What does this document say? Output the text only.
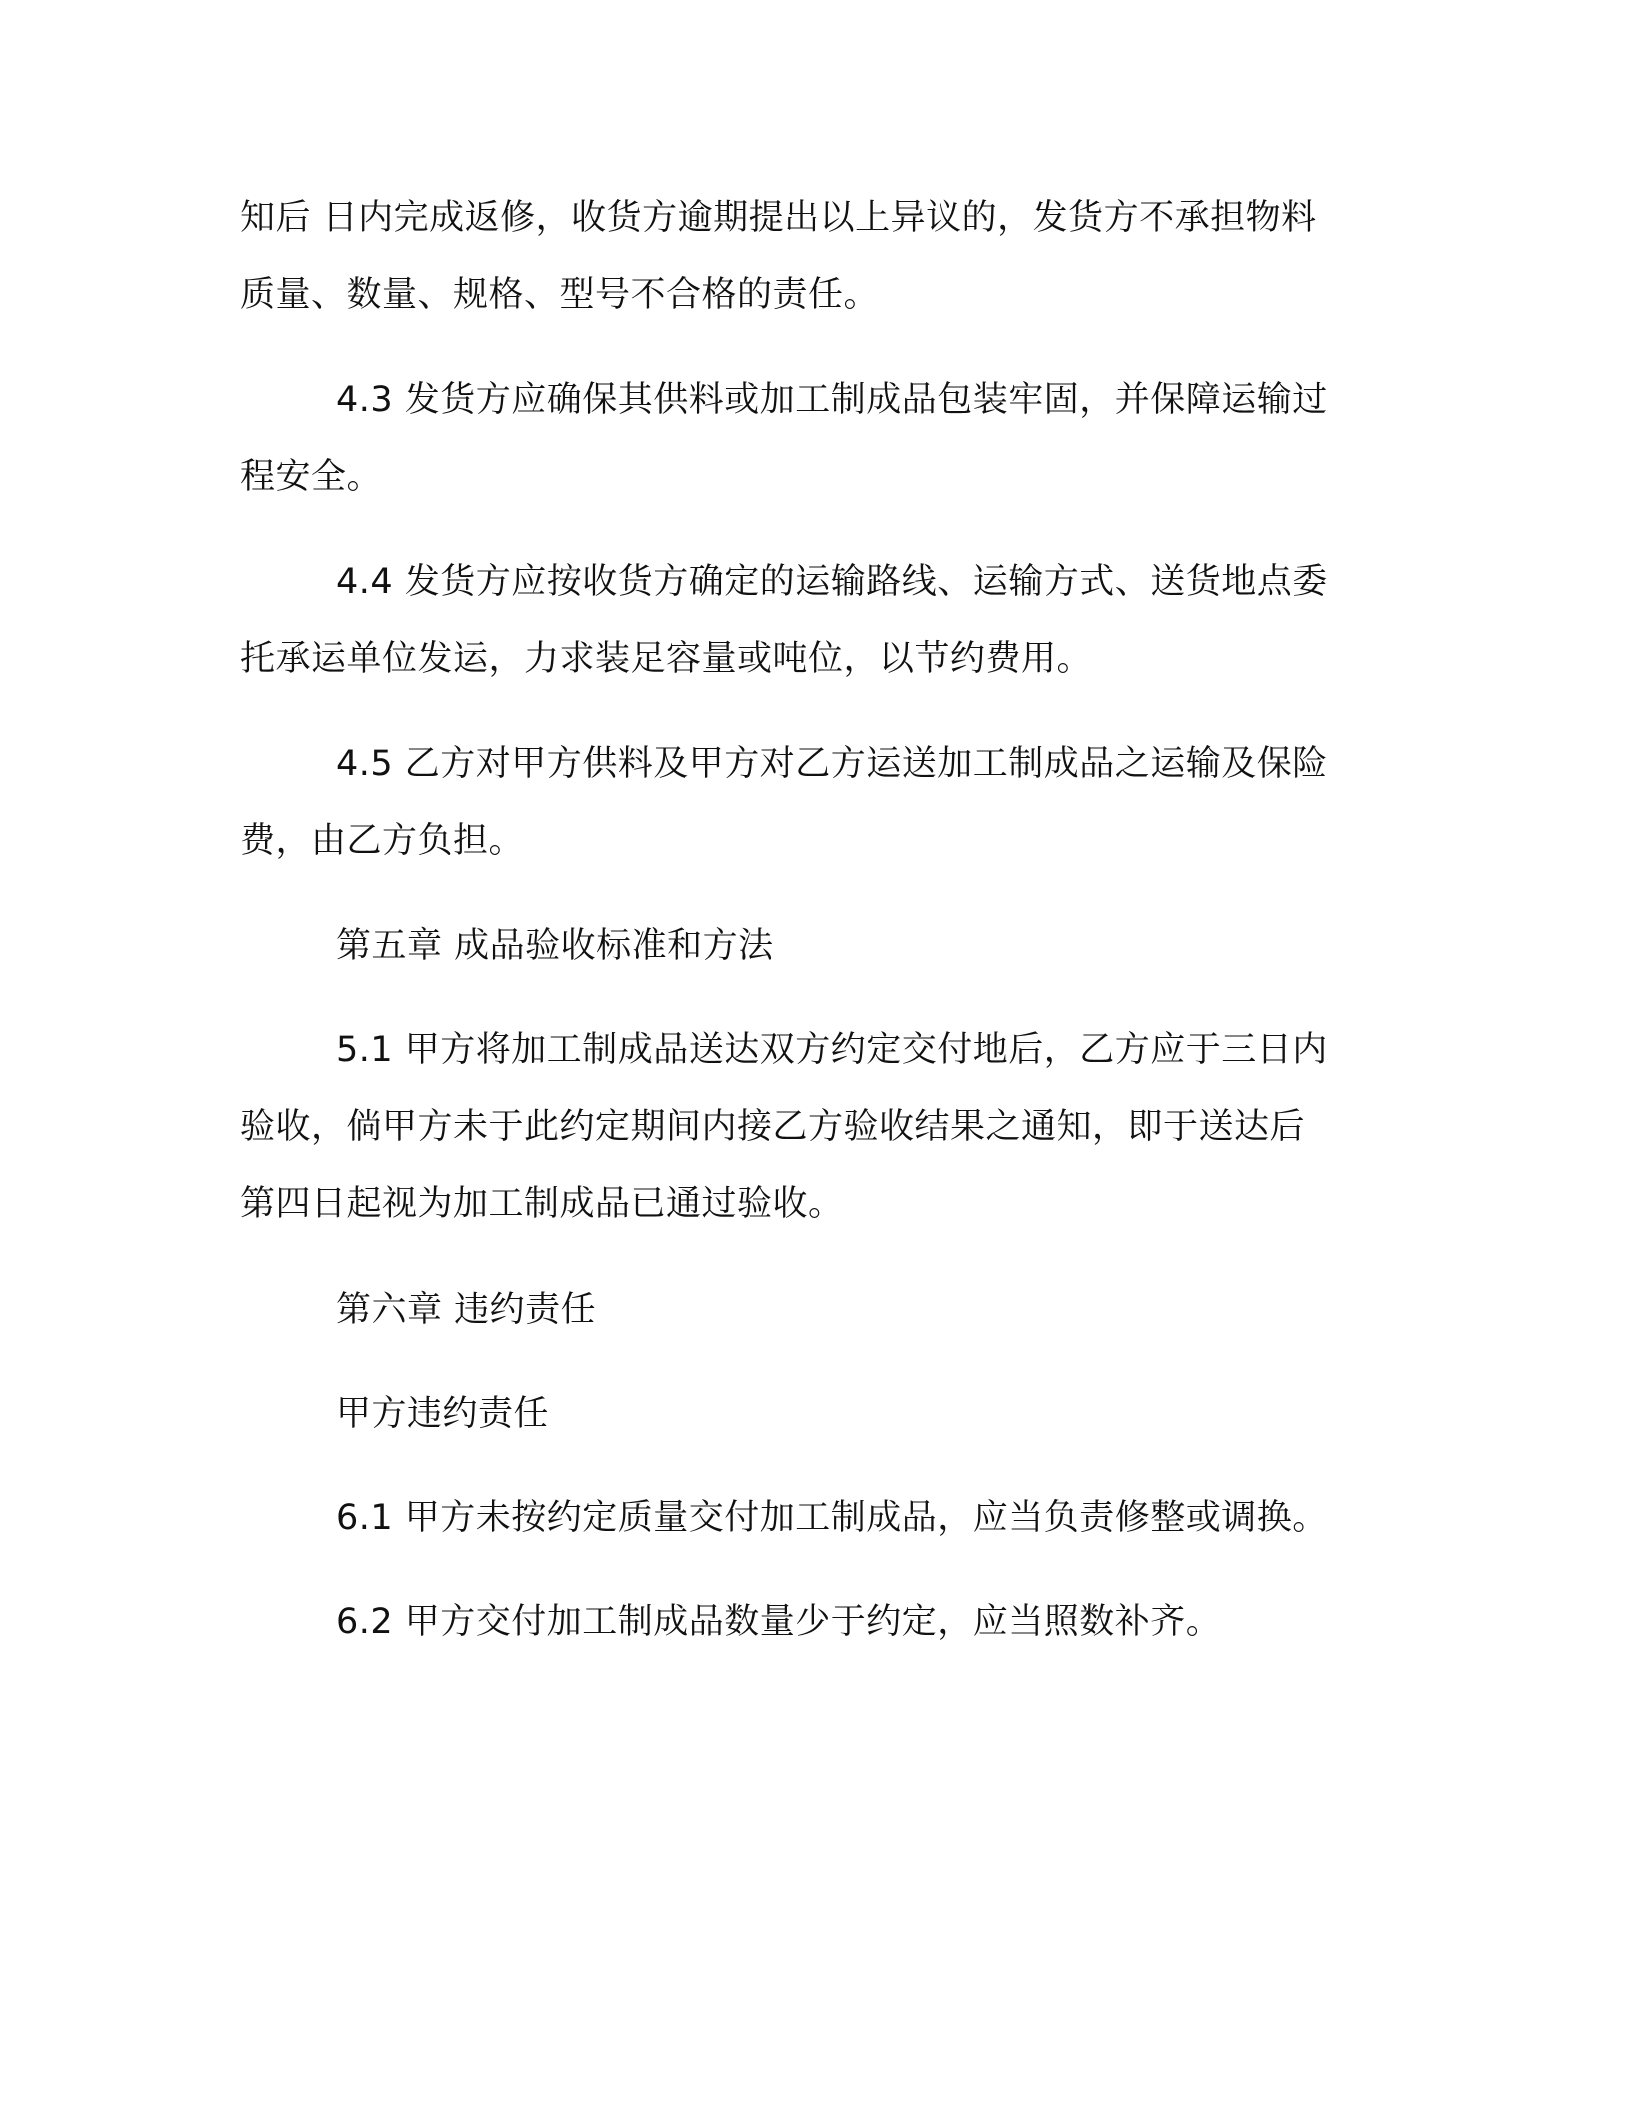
知后 日内完成返修，收货方逾期提出以上异议的，发货方不承担物料
质量、数量、规格、型号不合格的责任。

4.3 发货方应确保其供料或加工制成品包装牢固，并保障运输过
程安全。

4.4 发货方应按收货方确定的运输路线、运输方式、送货地点委
托承运单位发运，力求装足容量或吨位，以节约费用。

4.5 乙方对甲方供料及甲方对乙方运送加工制成品之运输及保险
费，由乙方负担。

第五章 成品验收标准和方法

5.1 甲方将加工制成品送达双方约定交付地后，乙方应于三日内
验收，倘甲方未于此约定期间内接乙方验收结果之通知，即于送达后
第四日起视为加工制成品已通过验收。

第六章 违约责任

甲方违约责任

6.1 甲方未按约定质量交付加工制成品，应当负责修整或调换。

6.2 甲方交付加工制成品数量少于约定，应当照数补齐。
